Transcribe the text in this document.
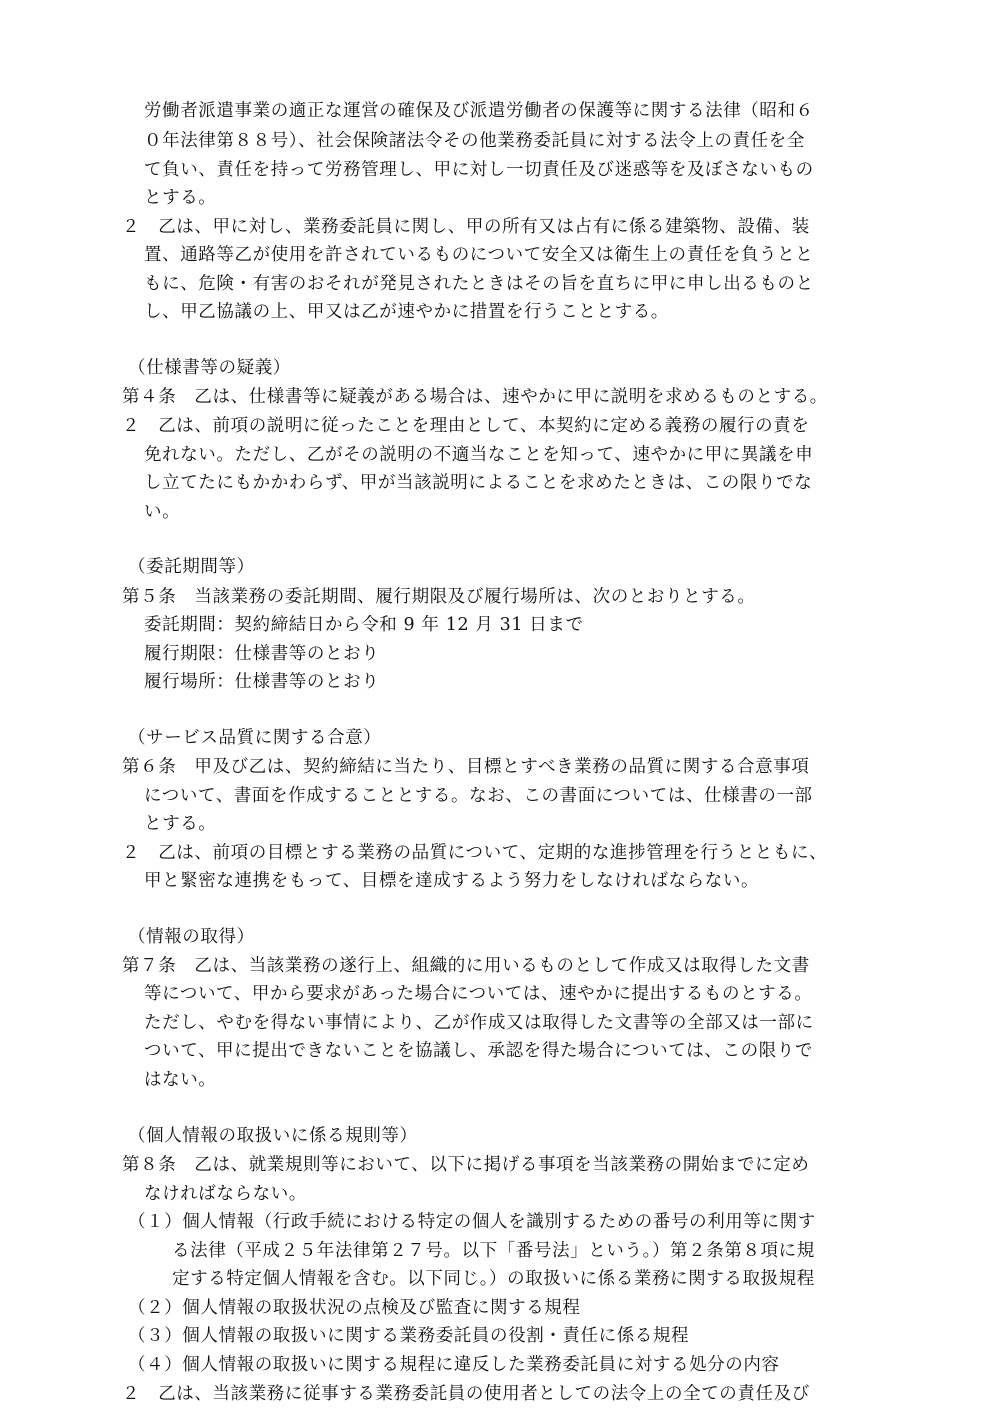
労働者派遣事業の適正な運営の確保及び派遣労働者の保護等に関する法律（昭和６
０年法律第８８号）、社会保険諸法令その他業務委託員に対する法令上の責任を全
て負い、責任を持って労務管理し、甲に対し一切責任及び迷惑等を及ぼさないもの
とする。
２　乙は、甲に対し、業務委託員に関し、甲の所有又は占有に係る建築物、設備、装
置、通路等乙が使用を許されているものについて安全又は衛生上の責任を負うとと
もに、危険・有害のおそれが発見されたときはその旨を直ちに甲に申し出るものと
し、甲乙協議の上、甲又は乙が速やかに措置を行うこととする。
（仕様書等の疑義）
第４条　乙は、仕様書等に疑義がある場合は、速やかに甲に説明を求めるものとする。
２　乙は、前項の説明に従ったことを理由として、本契約に定める義務の履行の責を
免れない。ただし、乙がその説明の不適当なことを知って、速やかに甲に異議を申
し立てたにもかかわらず、甲が当該説明によることを求めたときは、この限りでな
い。
（委託期間等）
第５条　当該業務の委託期間、履行期限及び履行場所は、次のとおりとする。
委託期間：契約締結日から令和 9 年 12 月 31 日まで
履行期限：仕様書等のとおり
履行場所：仕様書等のとおり
（サービス品質に関する合意）
第６条　甲及び乙は、契約締結に当たり、目標とすべき業務の品質に関する合意事項
について、書面を作成することとする。なお、この書面については、仕様書の一部
とする。
２　乙は、前項の目標とする業務の品質について、定期的な進捗管理を行うとともに、
甲と緊密な連携をもって、目標を達成するよう努力をしなければならない。
（情報の取得）
第７条　乙は、当該業務の遂行上、組織的に用いるものとして作成又は取得した文書
等について、甲から要求があった場合については、速やかに提出するものとする。
ただし、やむを得ない事情により、乙が作成又は取得した文書等の全部又は一部に
ついて、甲に提出できないことを協議し、承認を得た場合については、この限りで
はない。
（個人情報の取扱いに係る規則等）
第８条　乙は、就業規則等において、以下に掲げる事項を当該業務の開始までに定め
なければならない。
（１）個人情報（行政手続における特定の個人を識別するための番号の利用等に関す
る法律（平成２５年法律第２７号。以下「番号法」という。）第２条第８項に規
定する特定個人情報を含む。以下同じ。）の取扱いに係る業務に関する取扱規程
（２）個人情報の取扱状況の点検及び監査に関する規程
（３）個人情報の取扱いに関する業務委託員の役割・責任に係る規程
（４）個人情報の取扱いに関する規程に違反した業務委託員に対する処分の内容
２　乙は、当該業務に従事する業務委託員の使用者としての法令上の全ての責任及び
